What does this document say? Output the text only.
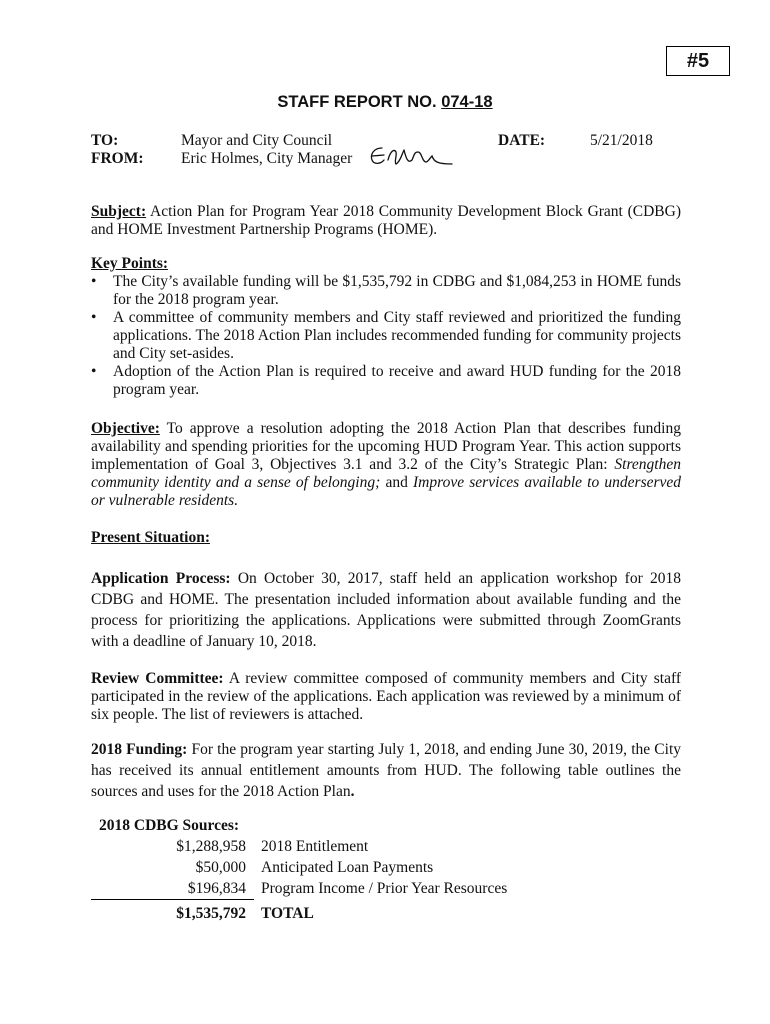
#5
STAFF REPORT NO. 074-18
TO:	Mayor and City Council
FROM: Eric Holmes, City Manager
DATE:	5/21/2018
Subject: Action Plan for Program Year 2018 Community Development Block Grant (CDBG) and HOME Investment Partnership Programs (HOME).
Key Points:
• The City’s available funding will be $1,535,792 in CDBG and $1,084,253 in HOME funds for the 2018 program year.
• A committee of community members and City staff reviewed and prioritized the funding applications. The 2018 Action Plan includes recommended funding for community projects and City set-asides.
• Adoption of the Action Plan is required to receive and award HUD funding for the 2018 program year.
Objective: To approve a resolution adopting the 2018 Action Plan that describes funding availability and spending priorities for the upcoming HUD Program Year. This action supports implementation of Goal 3, Objectives 3.1 and 3.2 of the City’s Strategic Plan: Strengthen community identity and a sense of belonging; and Improve services available to underserved or vulnerable residents.
Present Situation:
Application Process: On October 30, 2017, staff held an application workshop for 2018 CDBG and HOME. The presentation included information about available funding and the process for prioritizing the applications. Applications were submitted through ZoomGrants with a deadline of January 10, 2018.
Review Committee: A review committee composed of community members and City staff participated in the review of the applications. Each application was reviewed by a minimum of six people. The list of reviewers is attached.
2018 Funding: For the program year starting July 1, 2018, and ending June 30, 2019, the City has received its annual entitlement amounts from HUD. The following table outlines the sources and uses for the 2018 Action Plan.
2018 CDBG Sources:
$1,288,958 2018 Entitlement
$50,000 Anticipated Loan Payments
$196,834 Program Income / Prior Year Resources
$1,535,792 TOTAL
